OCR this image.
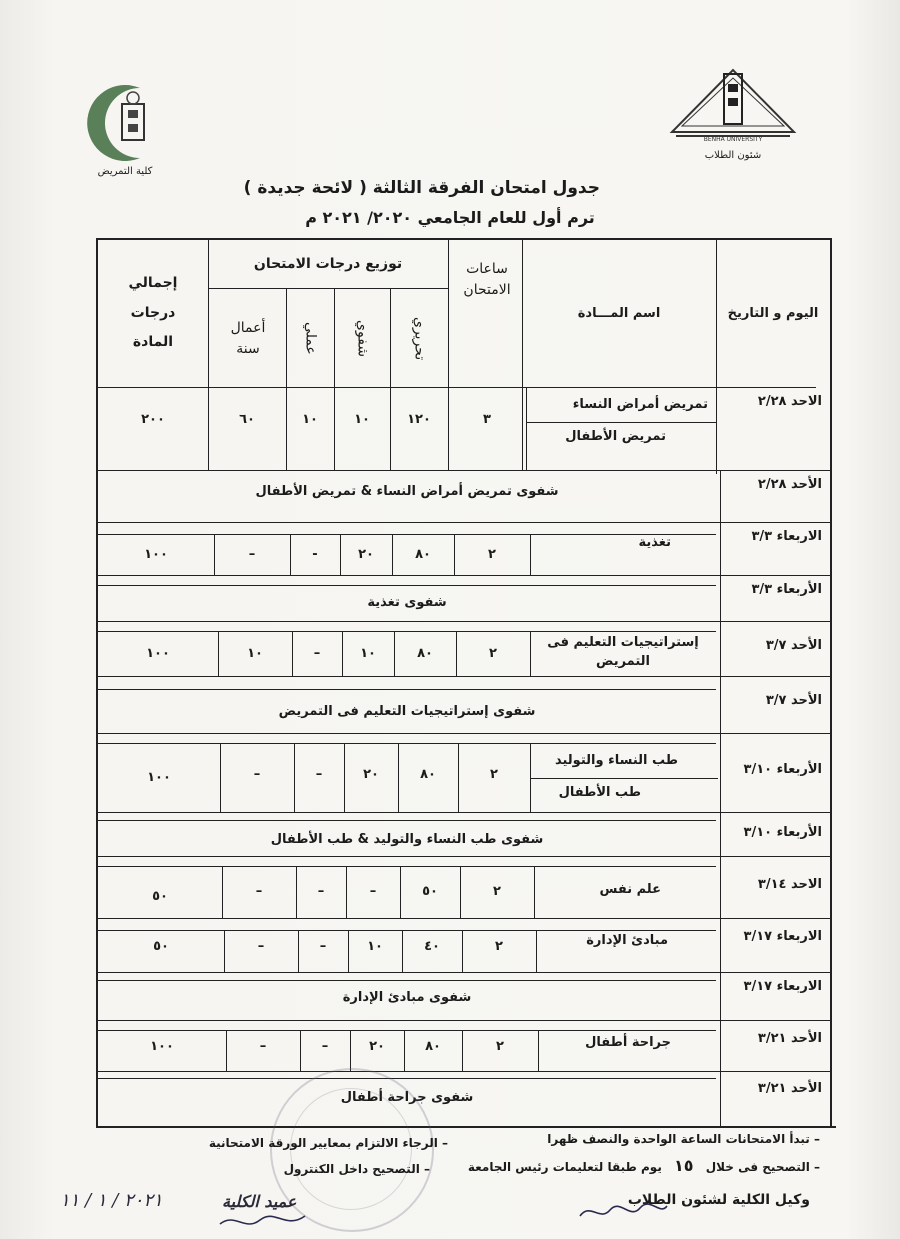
BENHA UNIVERSITY
شئون الطلاب
كلية التمريض
جدول امتحان الفرقة الثالثة ( لائحة جديدة )
ترم أول للعام الجامعي ٢٠٢٠/ ٢٠٢١ م
اليوم و التاريخ
اسم المـــادة
ساعات الامتحان
توزيع درجات الامتحان
تحريري
شفوي
عملي
أعمال سنة
إجمالي درجات المادة
الاحد ٢/٢٨
تمريض أمراض النساء
تمريض الأطفال
٣
١٢٠
١٠
١٠
٦٠
٢٠٠
الأحد ٢/٢٨
شفوى تمريض أمراض النساء & تمريض الأطفال
الاربعاء ٣/٣
تغذية
٢
٨٠
٢٠
-
–
١٠٠
الأربعاء ٣/٣
شفوى تغذية
الأحد ٣/٧
إستراتيجيات التعليم فى التمريض
٢
٨٠
١٠
–
١٠
١٠٠
الأحد ٣/٧
شفوى إستراتيجيات التعليم فى التمريض
الأربعاء ٣/١٠
طب النساء والتوليد
طب الأطفال
٢
٨٠
٢٠
–
–
١٠٠
الأربعاء ٣/١٠
شفوى طب النساء والتوليد & طب الأطفال
الاحد ٣/١٤
علم نفس
٢
٥٠
–
–
–
٥٠
الاربعاء ٣/١٧
مبادئ الإدارة
٢
٤٠
١٠
–
–
٥٠
الاربعاء ٣/١٧
شفوى مبادئ الإدارة
الأحد ٣/٢١
جراحة أطفال
٢
٨٠
٢٠
–
–
١٠٠
الأحد ٣/٢١
شفوى جراحة أطفال
– تبدأ الامتحانات الساعة الواحدة والنصف ظهرا
– التصحيح فى خلال ١٥ يوم طبقا لتعليمات رئيس الجامعة
– الرجاء الالتزام بمعايير الورقة الامتحانية
– التصحيح داخل الكنترول
وكيل الكلية لشئون الطلاب
عميد الكلية
٢٠٢١ / ١ / ١١
